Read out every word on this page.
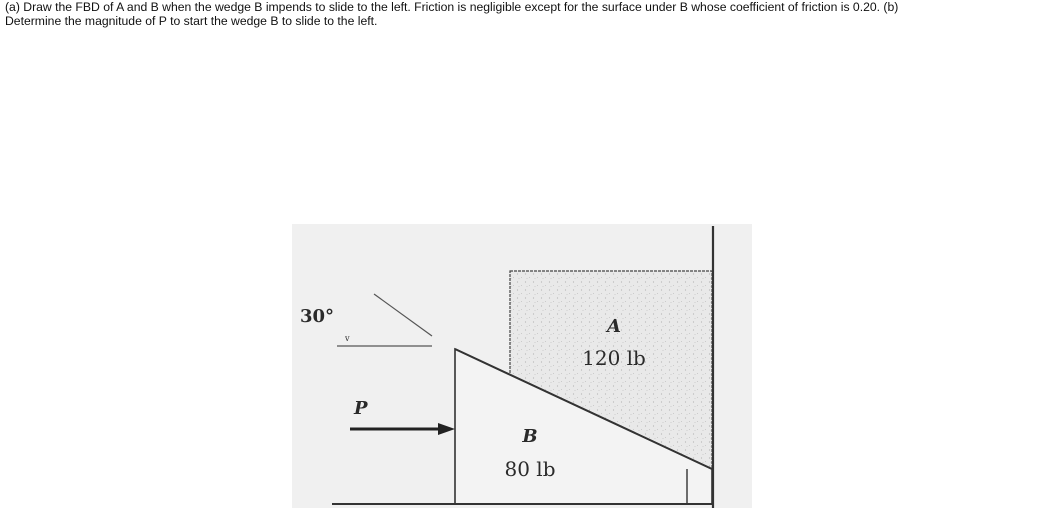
(a) Draw the FBD of A and B when the wedge B impends to slide to the left. Friction is negligible except for the surface under B whose coefficient of friction is 0.20. (b)
Determine the magnitude of P to start the wedge B to slide to the left.
30°
v
P
A
120 lb
B
80 lb
